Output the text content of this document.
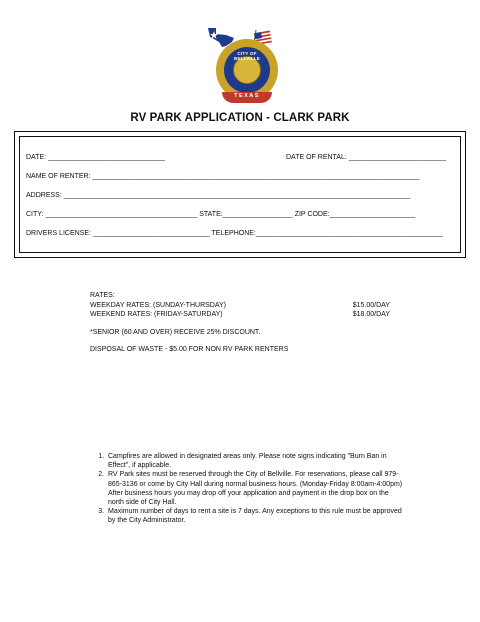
CITY OF BELLVILLE
TEXAS
RV PARK APPLICATION - CLARK PARK
DATE: ______________________________	DATE OF RENTAL: _________________________
NAME OF RENTER: ____________________________________________________________________________________
ADDRESS: _________________________________________________________________________________________
CITY: _______________________________________ STATE:__________________ ZIP CODE:______________________
DRIVERS LICENSE: ______________________________ TELEPHONE:________________________________________________
RATES:
WEEKDAY RATES: (SUNDAY-THURSDAY)	$15.00/DAY
WEEKEND RATES: (FRIDAY-SATURDAY)	$18.00/DAY
*SENIOR (60 AND OVER) RECEIVE 25% DISCOUNT.
DISPOSAL OF WASTE - $5.00 FOR NON RV PARK RENTERS
1. Campfires are allowed in designated areas only. Please note signs indicating "Burn Ban in Effect", if applicable.
2. RV Park sites must be reserved through the City of Bellville. For reservations, please call 979-865-3136 or come by City Hall during normal business hours. (Monday-Friday 8:00am-4:00pm) After business hours you may drop off your application and payment in the drop box on the north side of City Hall.
3. Maximum number of days to rent a site is 7 days. Any exceptions to this rule must be approved by the City Administrator.
